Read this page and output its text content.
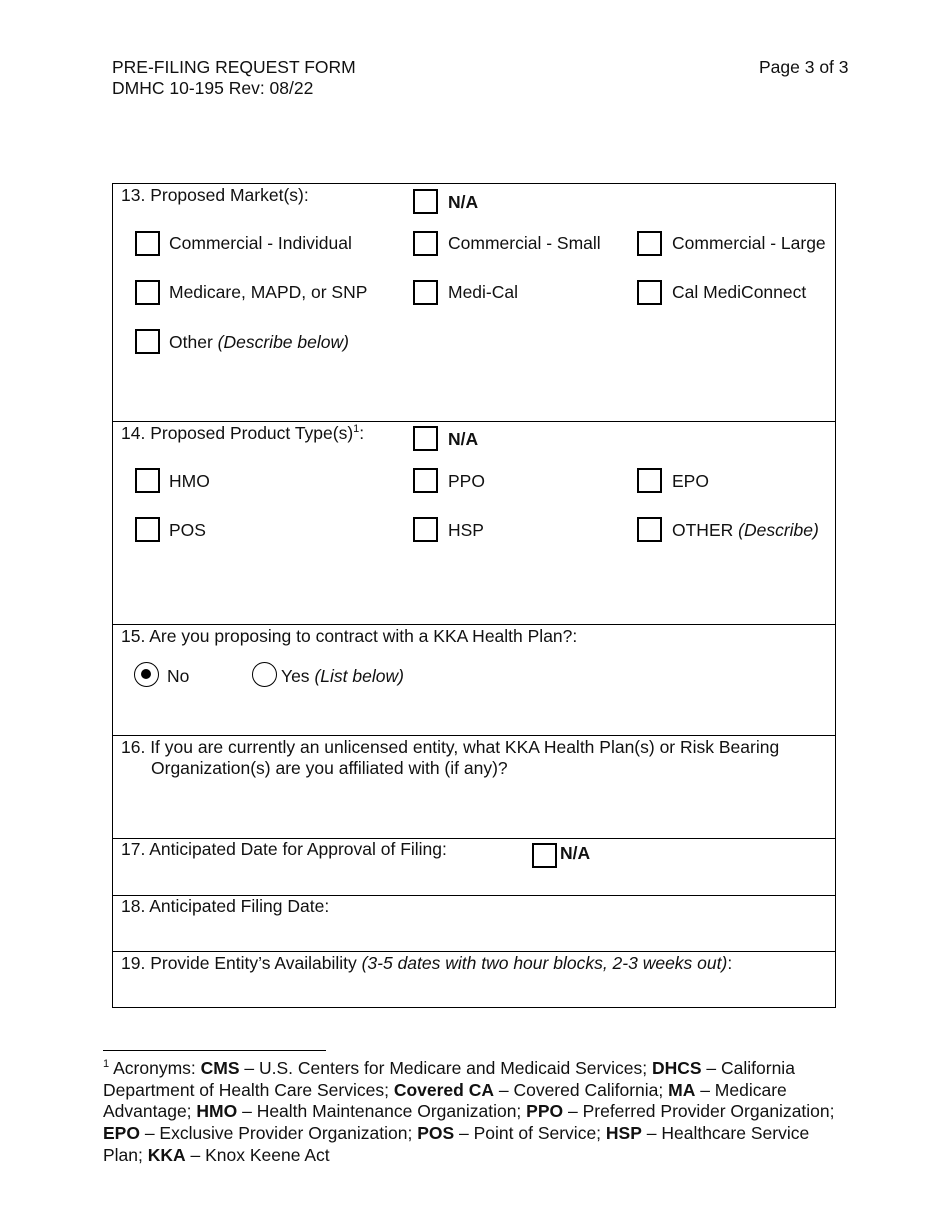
PRE-FILING REQUEST FORM
DMHC 10-195 Rev: 08/22
Page 3 of 3
13. Proposed Market(s):	N/A
Commercial - Individual	Commercial - Small	Commercial - Large
Medicare, MAPD, or SNP	Medi-Cal	Cal MediConnect
Other (Describe below)
14. Proposed Product $Type(s)^1$:	N/A
HMO	PPO	EPO
POS	HSP	OTHER (Describe)
15. Are you proposing to contract with a KKA Health Plan?:
No	Yes (List below)
16. If you are currently an unlicensed entity, what KKA Health Plan(s) or Risk Bearing
Organization(s) are you affiliated with (if any)?
17. Anticipated Date for Approval of Filing:	N/A
18. Anticipated Filing Date:
19. Provide Entity’s Availability (3-5 dates with two hour blocks, 2-3 weeks out):
$^1$ Acronyms: CMS – U.S. Centers for Medicare and Medicaid Services; DHCS – California Department of Health Care Services; Covered CA – Covered California; MA – Medicare Advantage; HMO – Health Maintenance Organization; PPO – Preferred Provider Organization; EPO – Exclusive Provider Organization; POS – Point of Service; HSP – Healthcare Service Plan; KKA – Knox Keene Act
